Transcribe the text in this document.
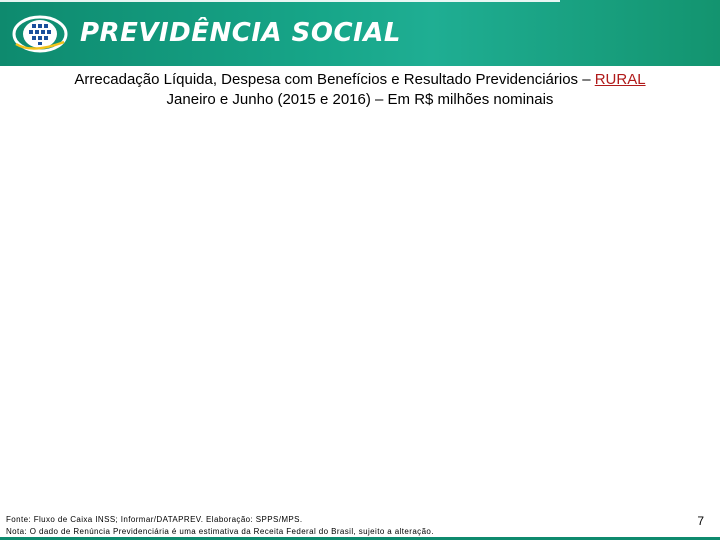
PREVIDÊNCIA SOCIAL
Arrecadação Líquida, Despesa com Benefícios e Resultado Previdenciários – RURAL
Janeiro e Junho (2015 e 2016) – Em R$ milhões nominais
Fonte: Fluxo de Caixa INSS; Informar/DATAPREV. Elaboração: SPPS/MPS.
Nota: O dado de Renúncia Previdenciária é uma estimativa da Receita Federal do Brasil, sujeito a alteração.
7
